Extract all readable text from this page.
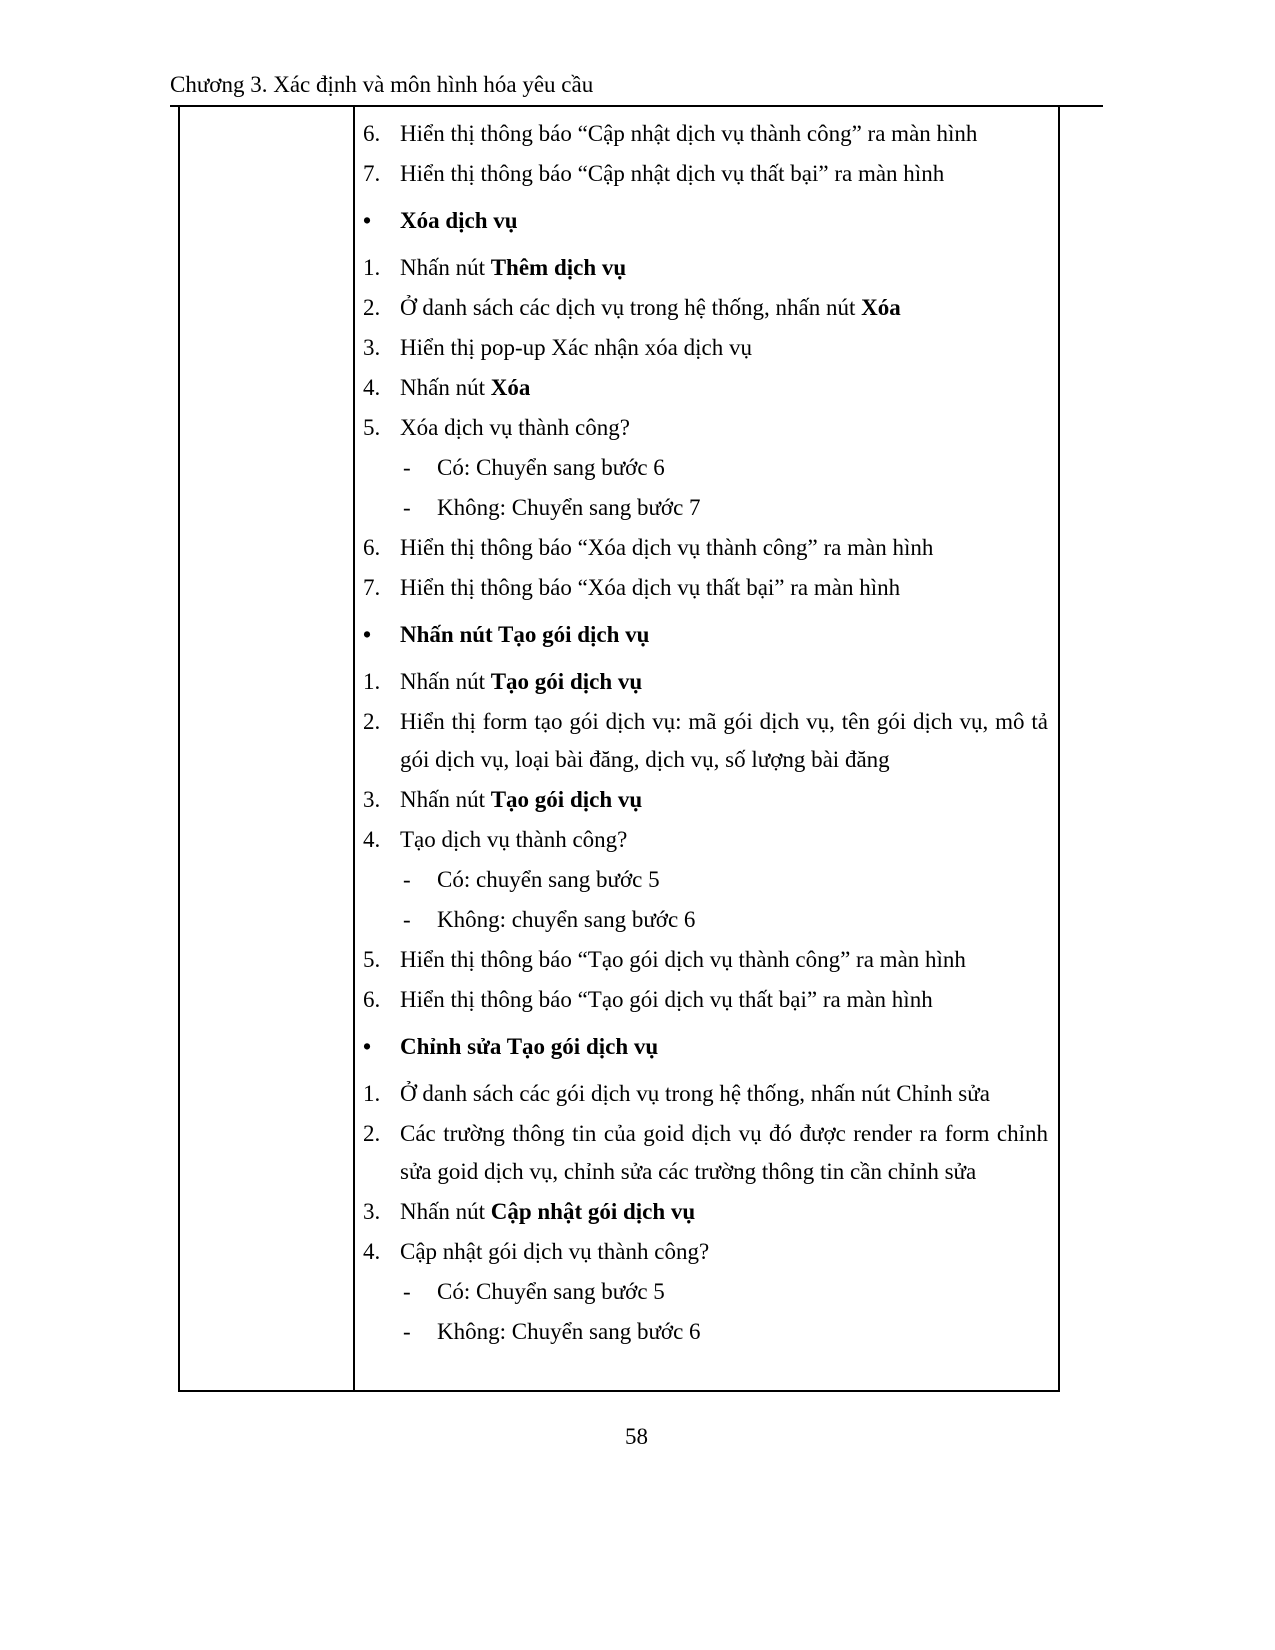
Chương 3. Xác định và môn hình hóa yêu cầu
6. Hiển thị thông báo “Cập nhật dịch vụ thành công” ra màn hình
7. Hiển thị thông báo “Cập nhật dịch vụ thất bại” ra màn hình
•	Xóa dịch vụ
1. Nhấn nút Thêm dịch vụ
2. Ở danh sách các dịch vụ trong hệ thống, nhấn nút Xóa
3. Hiển thị pop-up Xác nhận xóa dịch vụ
4. Nhấn nút Xóa
5. Xóa dịch vụ thành công?
-	Có: Chuyển sang bước 6
-	Không: Chuyển sang bước 7
6. Hiển thị thông báo “Xóa dịch vụ thành công” ra màn hình
7. Hiển thị thông báo “Xóa dịch vụ thất bại” ra màn hình
•	Nhấn nút Tạo gói dịch vụ
1. Nhấn nút Tạo gói dịch vụ
2. Hiển thị form tạo gói dịch vụ: mã gói dịch vụ, tên gói dịch vụ, mô tả gói dịch vụ, loại bài đăng, dịch vụ, số lượng bài đăng
3. Nhấn nút Tạo gói dịch vụ
4. Tạo dịch vụ thành công?
-	Có: chuyển sang bước 5
-	Không: chuyển sang bước 6
5. Hiển thị thông báo “Tạo gói dịch vụ thành công” ra màn hình
6. Hiển thị thông báo “Tạo gói dịch vụ thất bại” ra màn hình
•	Chỉnh sửa Tạo gói dịch vụ
1. Ở danh sách các gói dịch vụ trong hệ thống, nhấn nút Chỉnh sửa
2. Các trường thông tin của goid dịch vụ đó được render ra form chỉnh sửa goid dịch vụ, chỉnh sửa các trường thông tin cần chỉnh sửa
3. Nhấn nút Cập nhật gói dịch vụ
4. Cập nhật gói dịch vụ thành công?
-	Có: Chuyển sang bước 5
-	Không: Chuyển sang bước 6
58
